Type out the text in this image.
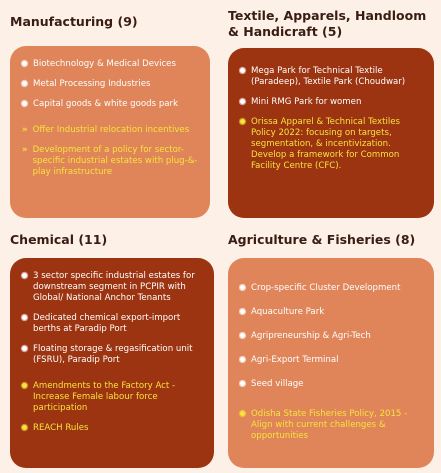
Manufacturing (9)
Biotechnology & Medical Devices
Metal Processing Industries
Capital goods & white goods park
» Offer Industrial relocation incentives
» Development of a policy for sector-specific industrial estates with plug-&-play infrastructure
Textile, Apparels, Handloom
& Handicraft (5)
Mega Park for Technical Textile (Paradeep), Textile Park (Choudwar)
Mini RMG Park for women
Orissa Apparel & Technical Textiles Policy 2022: focusing on targets, segmentation, & incentivization. Develop a framework for Common Facility Centre (CFC).
Chemical (11)
3 sector specific industrial estates for downstream segment in PCPIR with Global/ National Anchor Tenants
Dedicated chemical export-import berths at Paradip Port
Floating storage & regasification unit (FSRU), Paradip Port
Amendments to the Factory Act -Increase Female labour force participation
REACH Rules
Agriculture & Fisheries (8)
Crop-specific Cluster Development
Aquaculture Park
Agripreneurship & Agri-Tech
Agri-Export Terminal
Seed village
Odisha State Fisheries Policy, 2015 - Align with current challenges & opportunities
